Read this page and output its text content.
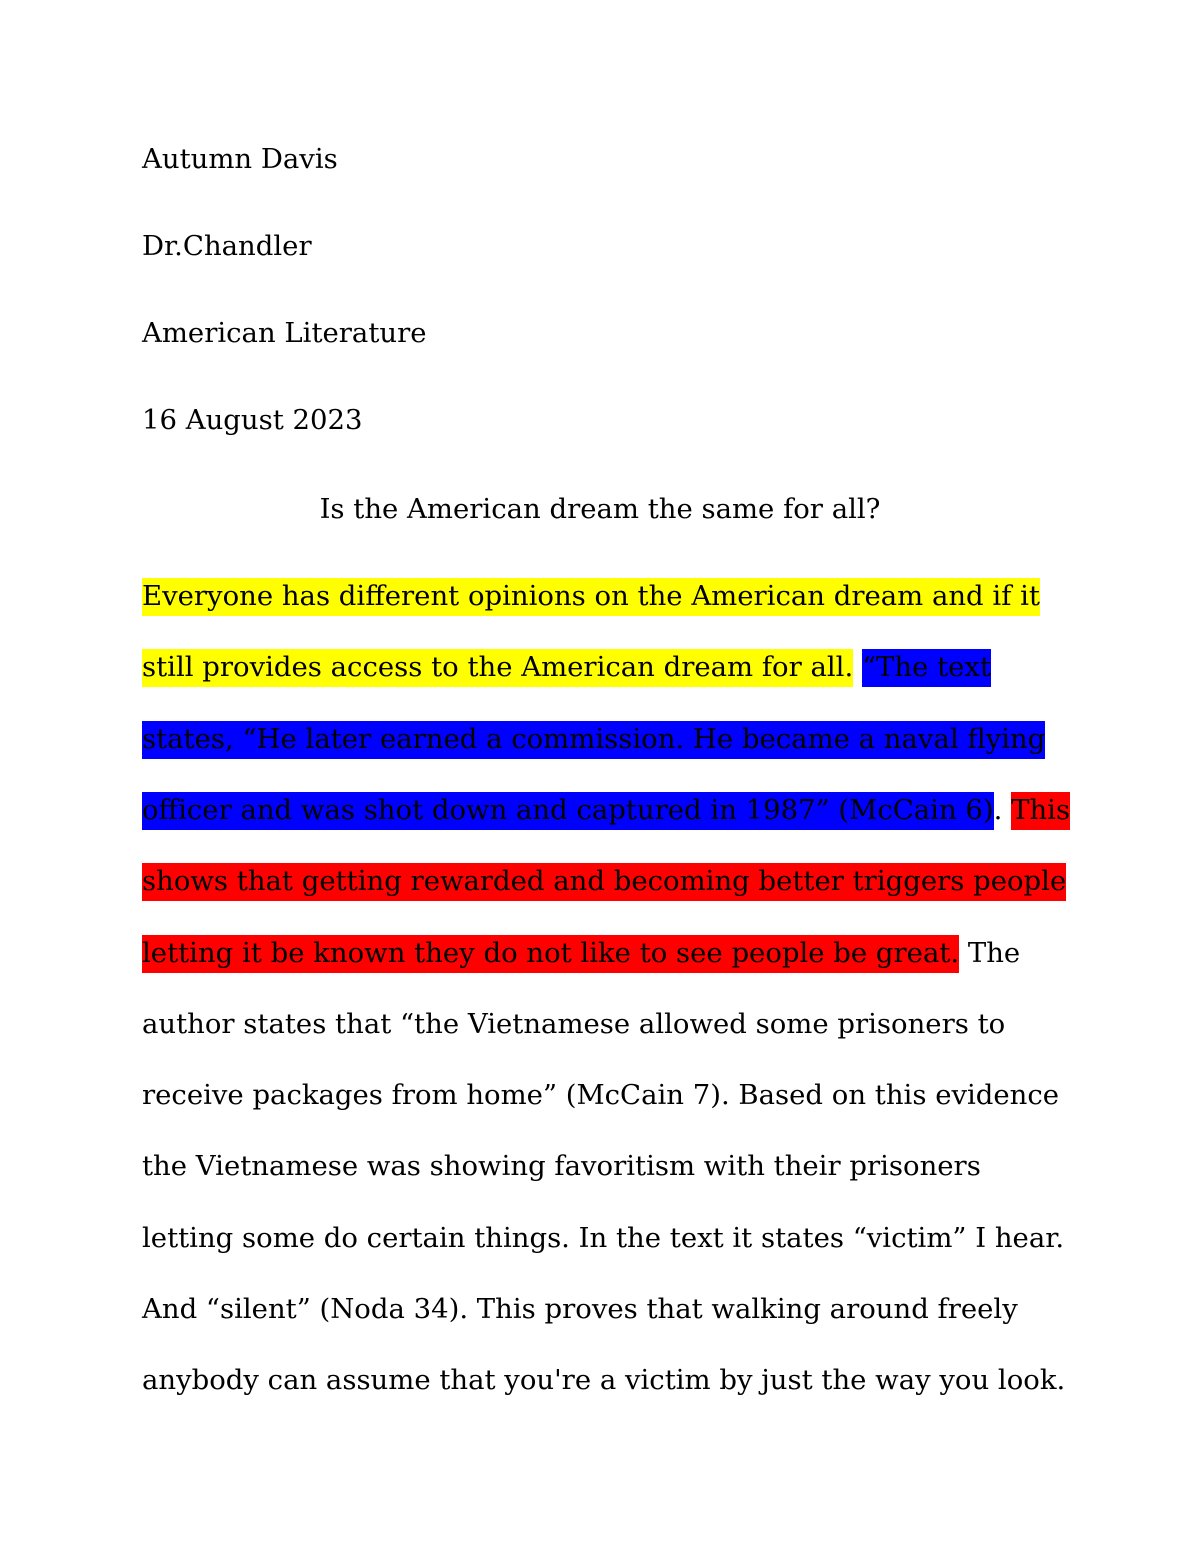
Autumn Davis
Dr.Chandler
American Literature
16 August 2023
Is the American dream the same for all?
Everyone has different opinions on the American dream and if it
still provides access to the American dream for all. “The text
states, “He later earned a commission. He became a naval flying
officer and was shot down and captured in 1987” (McCain 6). This
shows that getting rewarded and becoming better triggers people
letting it be known they do not like to see people be great. The
author states that “the Vietnamese allowed some prisoners to
receive packages from home” (McCain 7). Based on this evidence
the Vietnamese was showing favoritism with their prisoners
letting some do certain things. In the text it states “victim” I hear.
And “silent” (Noda 34). This proves that walking around freely
anybody can assume that you're a victim by just the way you look.
